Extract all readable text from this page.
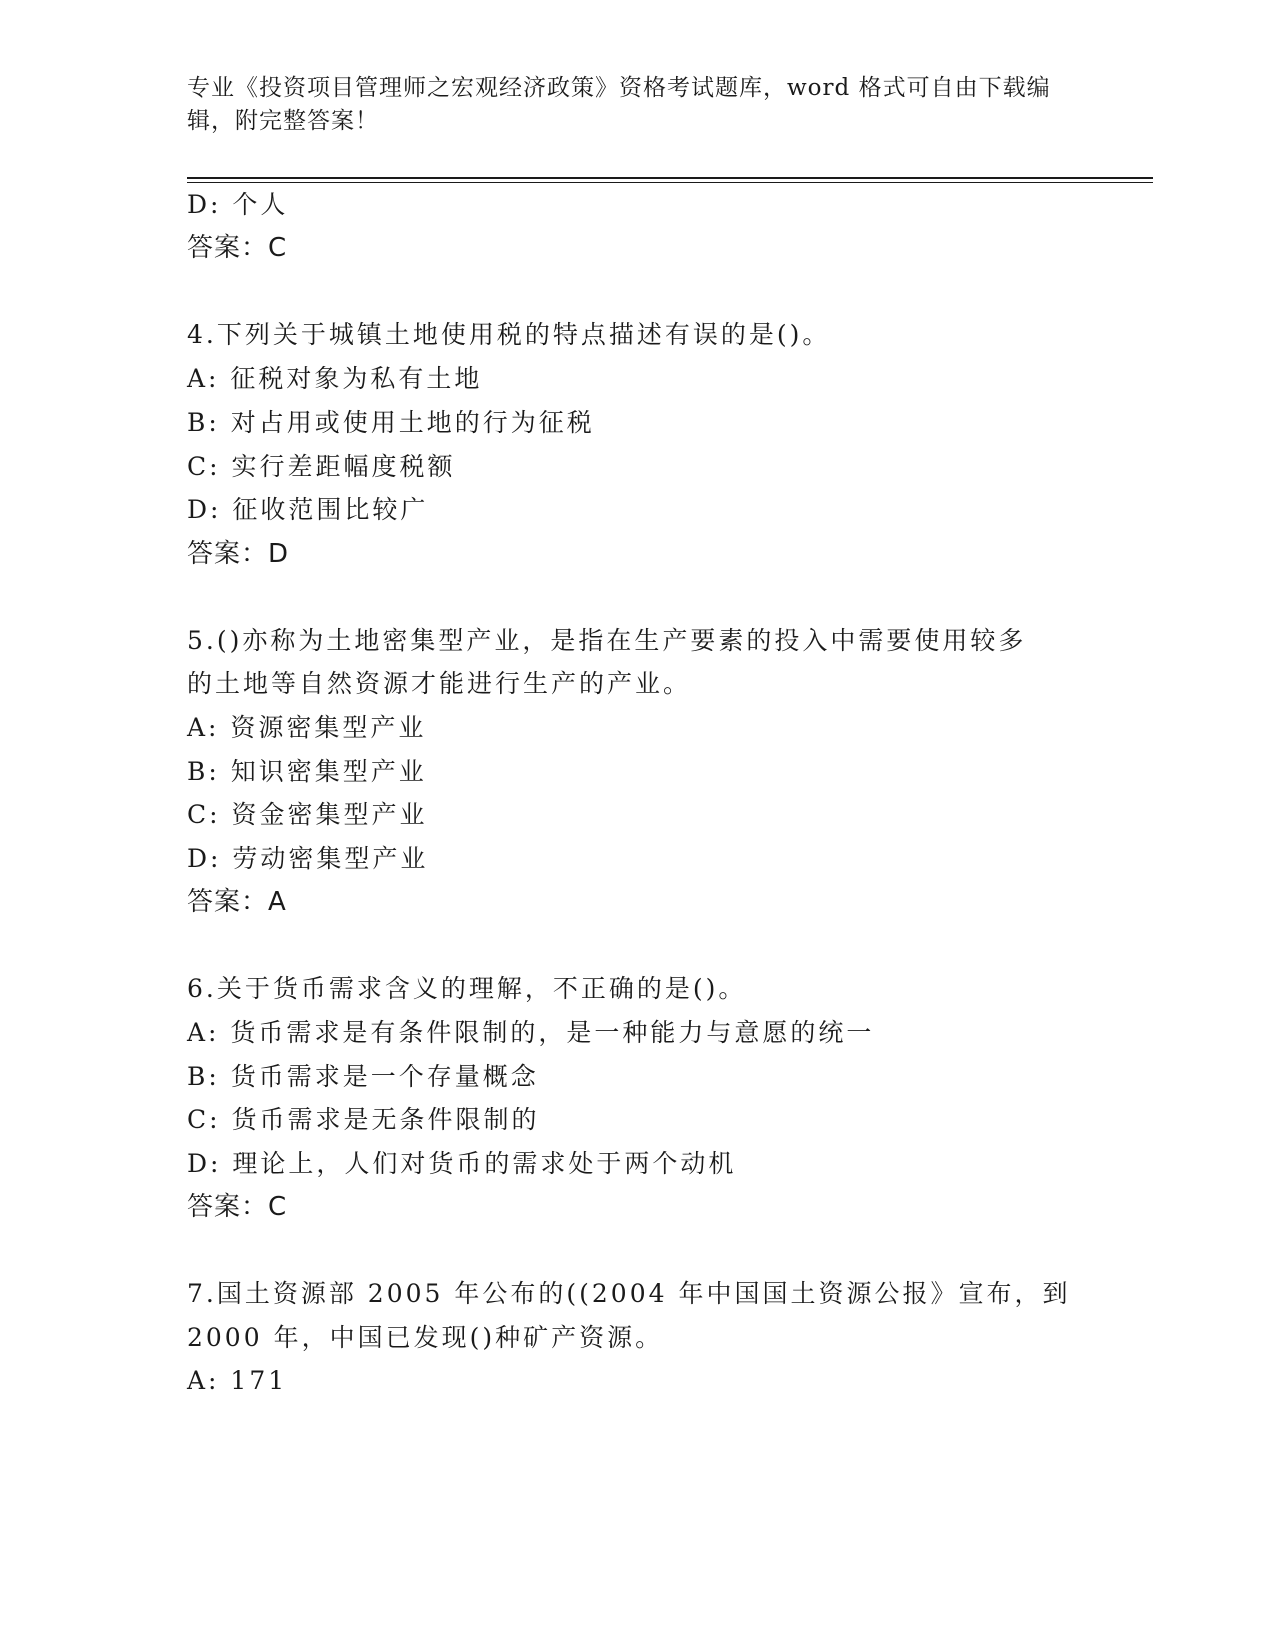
专业《投资项目管理师之宏观经济政策》资格考试题库，word 格式可自由下载编
辑，附完整答案！
D: 个人
答案：C
4.下列关于城镇土地使用税的特点描述有误的是()。
A: 征税对象为私有土地
B: 对占用或使用土地的行为征税
C: 实行差距幅度税额
D: 征收范围比较广
答案：D
5.()亦称为土地密集型产业，是指在生产要素的投入中需要使用较多
的土地等自然资源才能进行生产的产业。
A: 资源密集型产业
B: 知识密集型产业
C: 资金密集型产业
D: 劳动密集型产业
答案：A
6.关于货币需求含义的理解，不正确的是()。
A: 货币需求是有条件限制的，是一种能力与意愿的统一
B: 货币需求是一个存量概念
C: 货币需求是无条件限制的
D: 理论上，人们对货币的需求处于两个动机
答案：C
7.国土资源部 2005 年公布的((2004 年中国国土资源公报》宣布，到
2000 年，中国已发现()种矿产资源。
A: 171
